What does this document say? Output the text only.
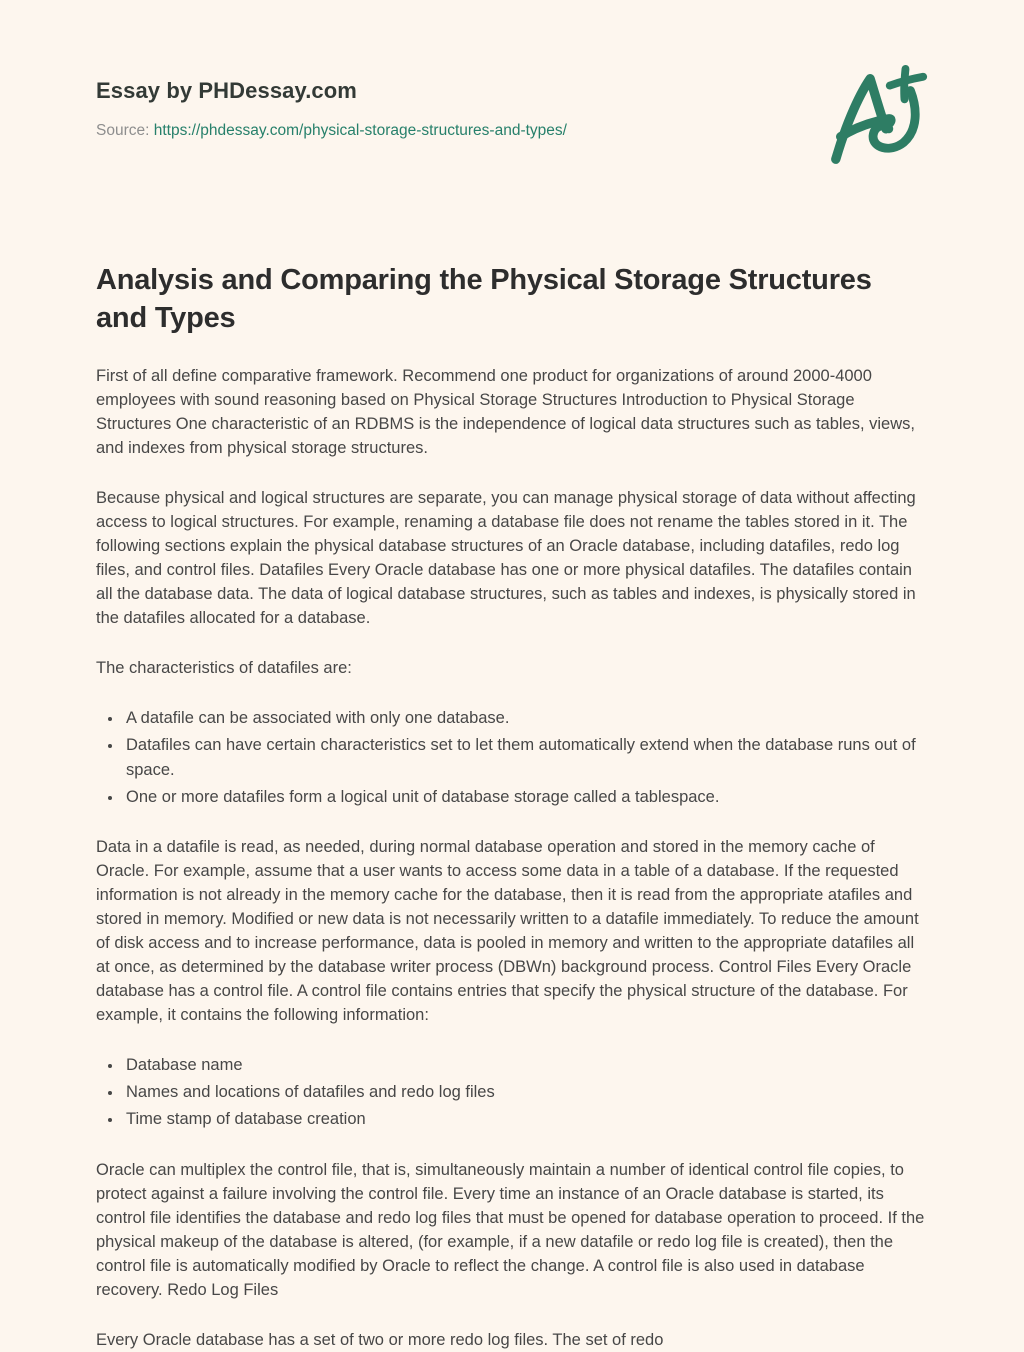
Essay by PHDessay.com
Source: https://phdessay.com/physical-storage-structures-and-types/
Analysis and Comparing the Physical Storage Structures and Types

First of all define comparative framework. Recommend one product for organizations of around 2000-4000 employees with sound reasoning based on Physical Storage Structures Introduction to Physical Storage Structures One characteristic of an RDBMS is the independence of logical data structures such as tables, views, and indexes from physical storage structures.

Because physical and logical structures are separate, you can manage physical storage of data without affecting access to logical structures. For example, renaming a database file does not rename the tables stored in it. The following sections explain the physical database structures of an Oracle database, including datafiles, redo log files, and control files. Datafiles Every Oracle database has one or more physical datafiles. The datafiles contain all the database data. The data of logical database structures, such as tables and indexes, is physically stored in the datafiles allocated for a database.

The characteristics of datafiles are:

• A datafile can be associated with only one database.
• Datafiles can have certain characteristics set to let them automatically extend when the database runs out of space.
• One or more datafiles form a logical unit of database storage called a tablespace.

Data in a datafile is read, as needed, during normal database operation and stored in the memory cache of Oracle. For example, assume that a user wants to access some data in a table of a database. If the requested information is not already in the memory cache for the database, then it is read from the appropriate atafiles and stored in memory. Modified or new data is not necessarily written to a datafile immediately. To reduce the amount of disk access and to increase performance, data is pooled in memory and written to the appropriate datafiles all at once, as determined by the database writer process (DBWn) background process. Control Files Every Oracle database has a control file. A control file contains entries that specify the physical structure of the database. For example, it contains the following information:

• Database name
• Names and locations of datafiles and redo log files
• Time stamp of database creation

Oracle can multiplex the control file, that is, simultaneously maintain a number of identical control file copies, to protect against a failure involving the control file. Every time an instance of an Oracle database is started, its control file identifies the database and redo log files that must be opened for database operation to proceed. If the physical makeup of the database is altered, (for example, if a new datafile or redo log file is created), then the control file is automatically modified by Oracle to reflect the change. A control file is also used in database recovery. Redo Log Files

Every Oracle database has a set of two or more redo log files. The set of redo
